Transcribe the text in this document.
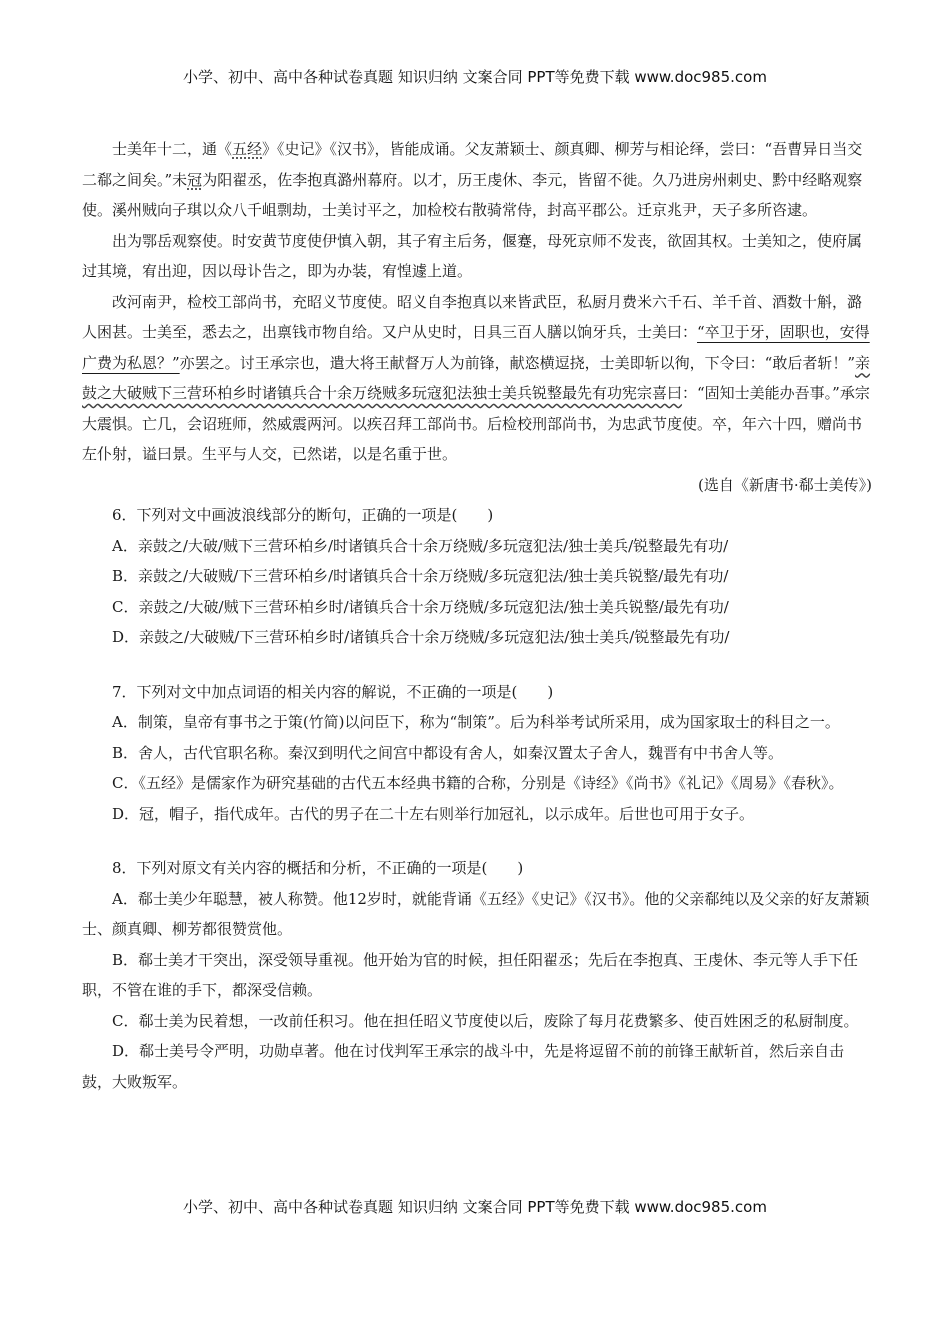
小学、初中、高中各种试卷真题 知识归纳 文案合同 PPT等免费下载 www.doc985.com

士美年十二，通《五经》《史记》《汉书》，皆能成诵。父友萧颖士、颜真卿、柳芳与相论绎，尝曰：“吾曹异日当交二郗之间矣。”未冠为阳翟丞，佐李抱真潞州幕府。以才，历王虔休、李元，皆留不徙。久乃进房州刺史、黔中经略观察使。溪州贼向子琪以众八千岨剽劫，士美讨平之，加检校右散骑常侍，封高平郡公。迁京兆尹，天子多所咨逮。

出为鄂岳观察使。时安黄节度使伊慎入朝，其子宥主后务，偃蹇，母死京师不发丧，欲固其权。士美知之，使府属过其境，宥出迎，因以母讣告之，即为办装，宥惶遽上道。

改河南尹，检校工部尚书，充昭义节度使。昭义自李抱真以来皆武臣，私厨月费米六千石、羊千首、酒数十斛，潞人困甚。士美至，悉去之，出禀钱市物自给。又户从史时，日具三百人膳以饷牙兵，士美曰：“卒卫于牙，固职也，安得广费为私恩？”亦罢之。讨王承宗也，遣大将王献督万人为前锋，献恣横逗挠，士美即斩以徇，下令曰：“敢后者斩！”亲鼓之大破贼下三营环柏乡时诸镇兵合十余万绕贼多玩寇犯法独士美兵锐整最先有功宪宗喜曰：“固知士美能办吾事。”承宗大震惧。亡几，会诏班师，然威震两河。以疾召拜工部尚书。后检校刑部尚书，为忠武节度使。卒，年六十四，赠尚书左仆射，谥曰景。生平与人交，已然诺，以是名重于世。

(选自《新唐书·郗士美传》)

6．下列对文中画波浪线部分的断句，正确的一项是(　　)

A．亲鼓之/大破/贼下三营环柏乡/时诸镇兵合十余万绕贼/多玩寇犯法/独士美兵/锐整最先有功/

B．亲鼓之/大破贼/下三营环柏乡/时诸镇兵合十余万绕贼/多玩寇犯法/独士美兵锐整/最先有功/

C．亲鼓之/大破/贼下三营环柏乡时/诸镇兵合十余万绕贼/多玩寇犯法/独士美兵锐整/最先有功/

D．亲鼓之/大破贼/下三营环柏乡时/诸镇兵合十余万绕贼/多玩寇犯法/独士美兵/锐整最先有功/

7．下列对文中加点词语的相关内容的解说，不正确的一项是(　　)

A．制策，皇帝有事书之于策(竹简)以问臣下，称为“制策”。后为科举考试所采用，成为国家取士的科目之一。

B．舍人，古代官职名称。秦汉到明代之间宫中都设有舍人，如秦汉置太子舍人，魏晋有中书舍人等。

C．《五经》是儒家作为研究基础的古代五本经典书籍的合称，分别是《诗经》《尚书》《礼记》《周易》《春秋》。

D．冠，帽子，指代成年。古代的男子在二十左右则举行加冠礼，以示成年。后世也可用于女子。

8．下列对原文有关内容的概括和分析，不正确的一项是(　　)

A．郗士美少年聪慧，被人称赞。他12岁时，就能背诵《五经》《史记》《汉书》。他的父亲郗纯以及父亲的好友萧颖士、颜真卿、柳芳都很赞赏他。

B．郗士美才干突出，深受领导重视。他开始为官的时候，担任阳翟丞；先后在李抱真、王虔休、李元等人手下任职，不管在谁的手下，都深受信赖。

C．郗士美为民着想，一改前任积习。他在担任昭义节度使以后，废除了每月花费繁多、使百姓困乏的私厨制度。

D．郗士美号令严明，功勋卓著。他在讨伐判军王承宗的战斗中，先是将逗留不前的前锋王献斩首，然后亲自击鼓，大败叛军。

小学、初中、高中各种试卷真题 知识归纳 文案合同 PPT等免费下载 www.doc985.com
